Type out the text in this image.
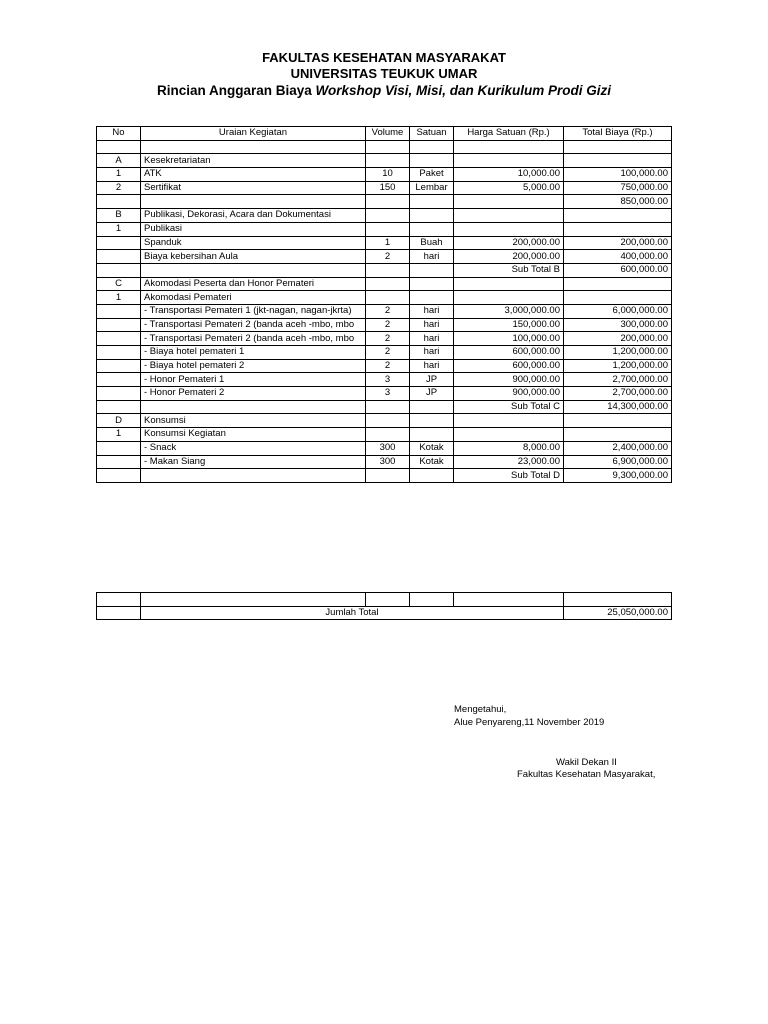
FAKULTAS KESEHATAN MASYARAKAT
UNIVERSITAS TEUKUK UMAR
Rincian Anggaran Biaya Workshop Visi, Misi, dan Kurikulum Prodi Gizi
No	Uraian Kegiatan	Volume	Satuan	Harga Satuan (Rp.)	Total Biaya (Rp.)

A	Kesekretariatan				
1	ATK	10	Paket	10,000.00	100,000.00
2	Sertifikat	150	Lembar	5,000.00	750,000.00
					850,000.00
B	Publikasi, Dekorasi, Acara dan Dokumentasi				
1	Publikasi				
	Spanduk	1	Buah	200,000.00	200,000.00
	Biaya kebersihan Aula	2	hari	200,000.00	400,000.00
				Sub Total B	600,000.00
C	Akomodasi Peserta dan Honor Pemateri				
1	Akomodasi Pemateri				
	- Transportasi Pemateri 1 (jkt-nagan, nagan-jkrta)	2	hari	3,000,000.00	6,000,000.00
	- Transportasi Pemateri 2 (banda aceh -mbo, mbo	2	hari	150,000.00	300,000.00
	- Transportasi Pemateri 2 (banda aceh -mbo, mbo	2	hari	100,000.00	200,000.00
	- Biaya hotel pemateri 1	2	hari	600,000.00	1,200,000.00
	- Biaya hotel pemateri 2	2	hari	600,000.00	1,200,000.00
	- Honor Pemateri 1	3	JP	900,000.00	2,700,000.00
	- Honor Pemateri 2	3	JP	900,000.00	2,700,000.00
				Sub Total C	14,300,000.00
D	Konsumsi				
1	Konsumsi Kegiatan				
	- Snack	300	Kotak	8,000.00	2,400,000.00
	- Makan Siang	300	Kotak	23,000.00	6,900,000.00
				Sub Total D	9,300,000.00

	Jumlah Total				25,050,000.00
Mengetahui,
Alue Penyareng,11 November 2019
Wakil Dekan II
Fakultas Kesehatan Masyarakat,
